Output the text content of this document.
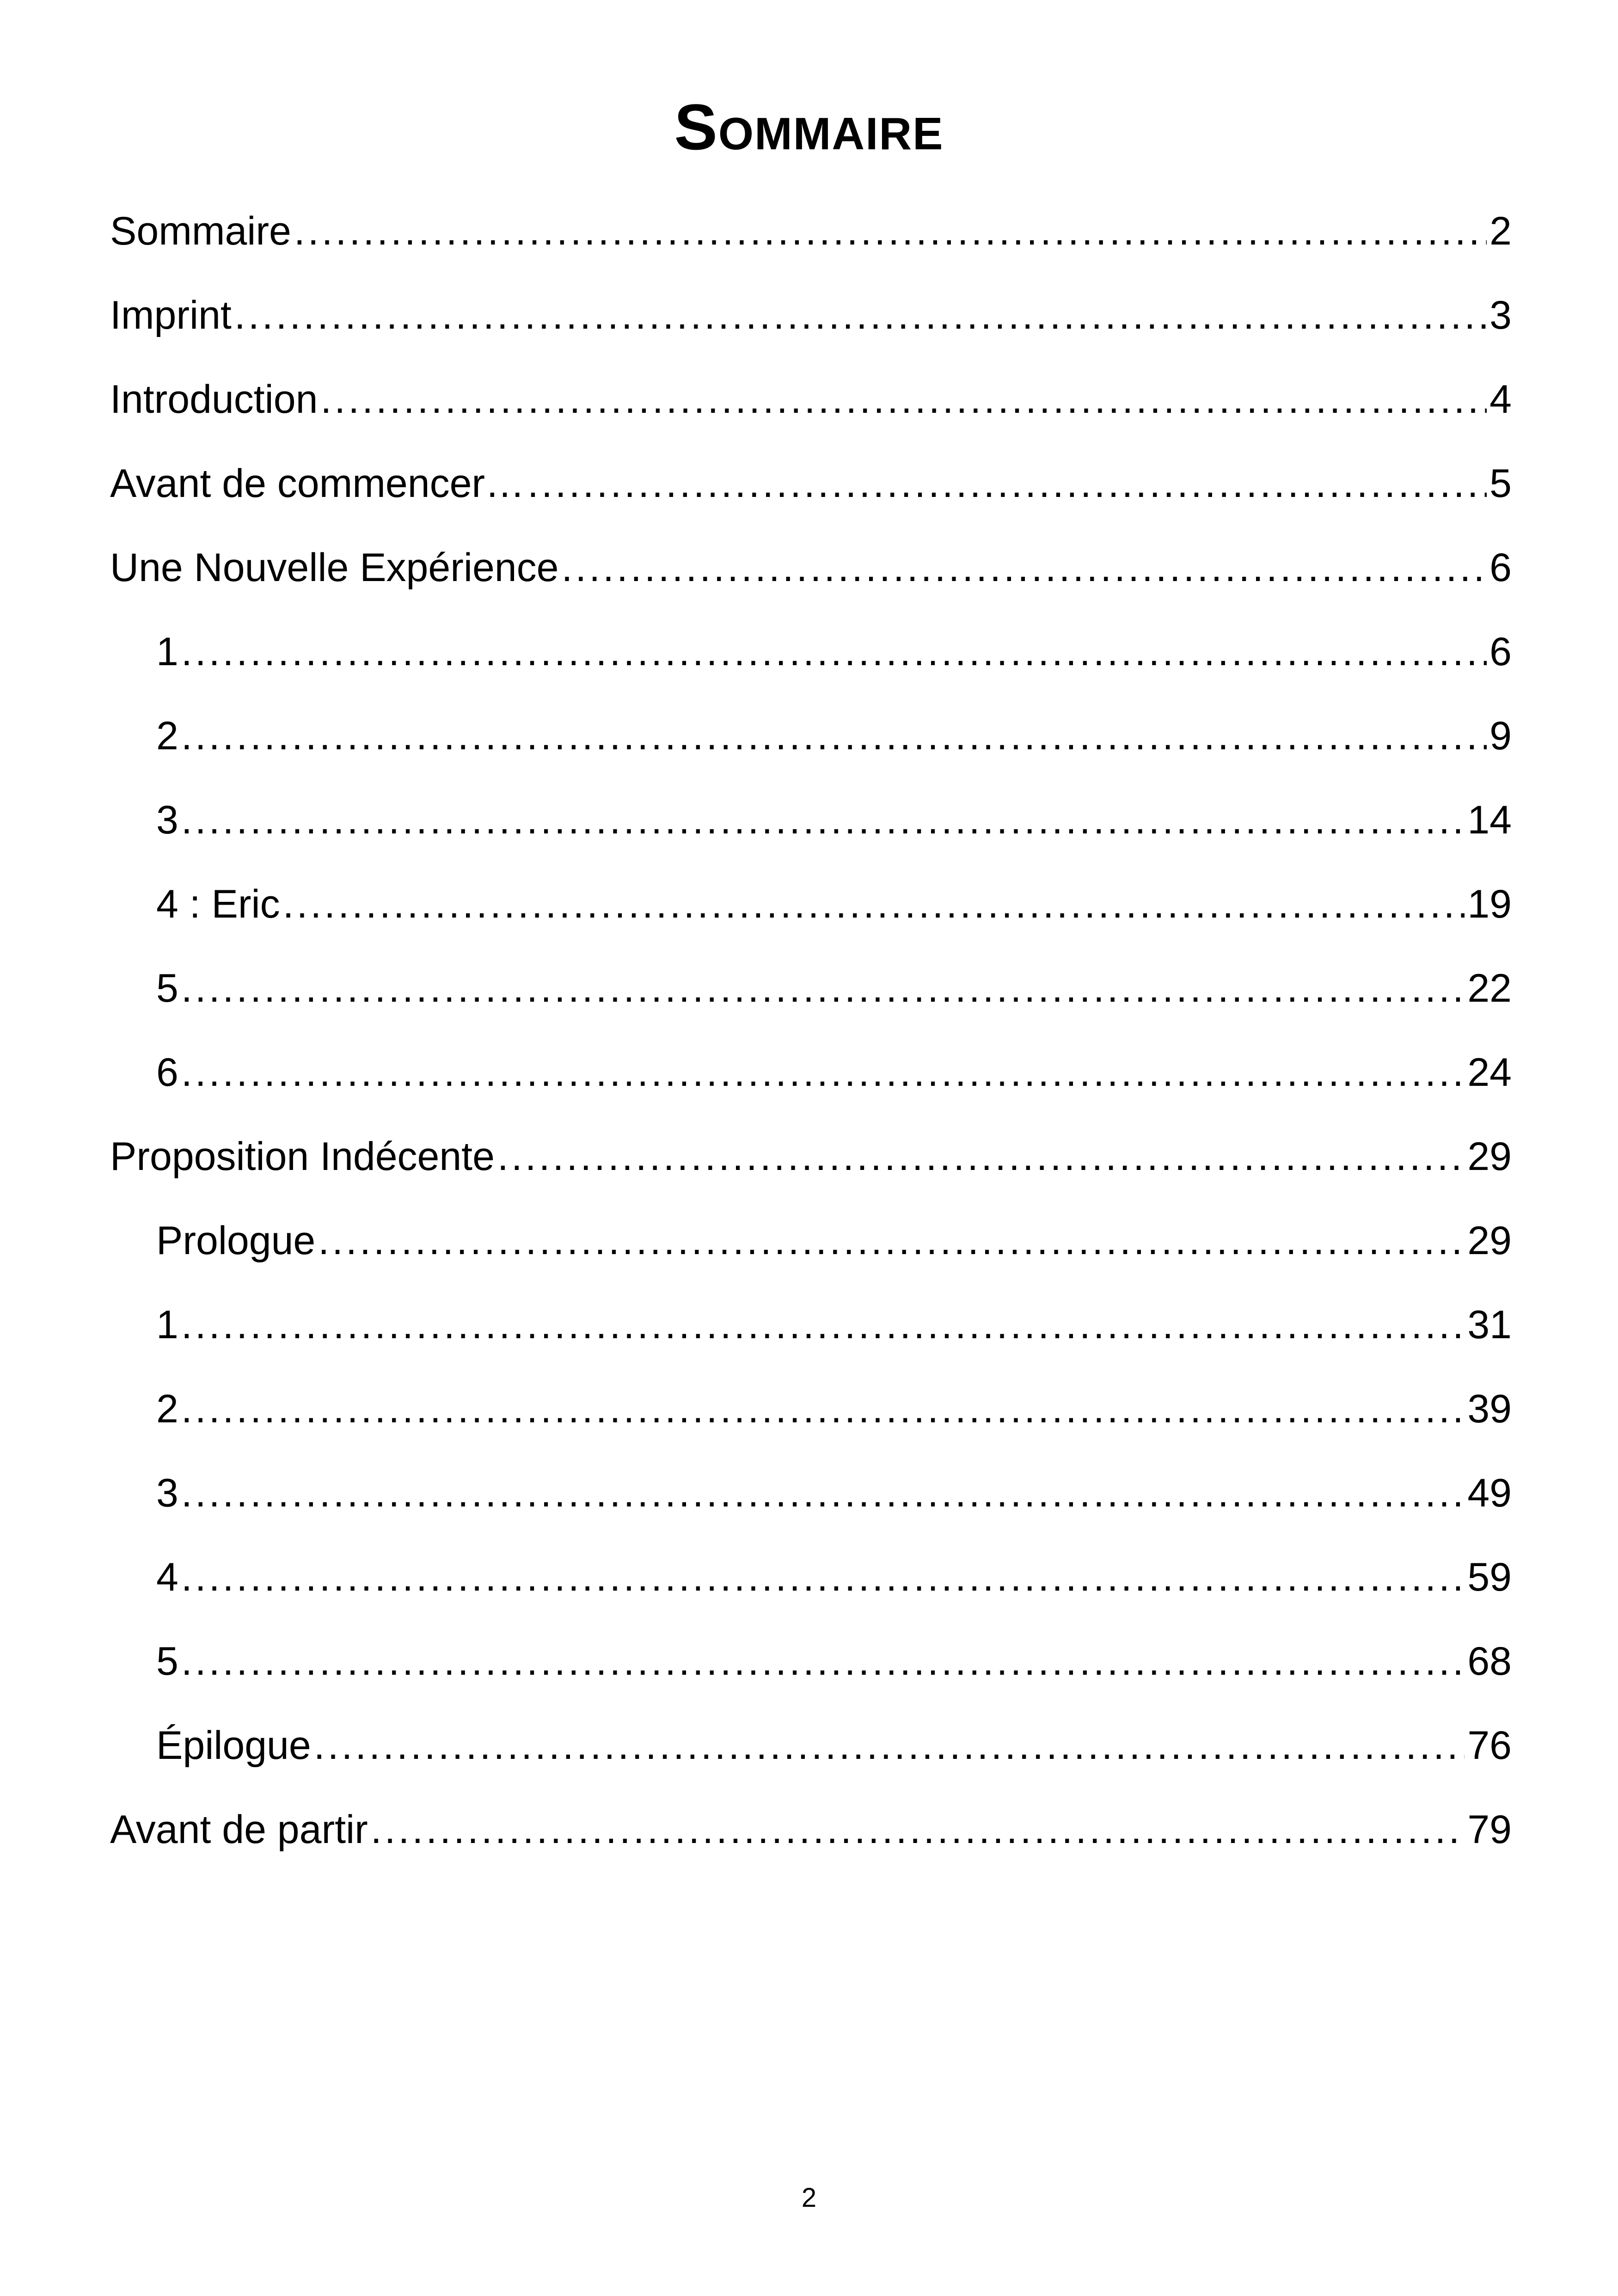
Sommaire
Sommaire .....	2
Imprint .....	3
Introduction .....	4
Avant de commencer… .....	5
Une Nouvelle Expérience .....	6
1 .....	6
2 .....	9
3 .....	14
4 : Eric .....	19
5 .....	22
6 .....	24
Proposition Indécente .....	29
Prologue .....	29
1 .....	31
2 .....	39
3 .....	49
4 .....	59
5 .....	68
Épilogue .....	76
Avant de partir .....	79
2
